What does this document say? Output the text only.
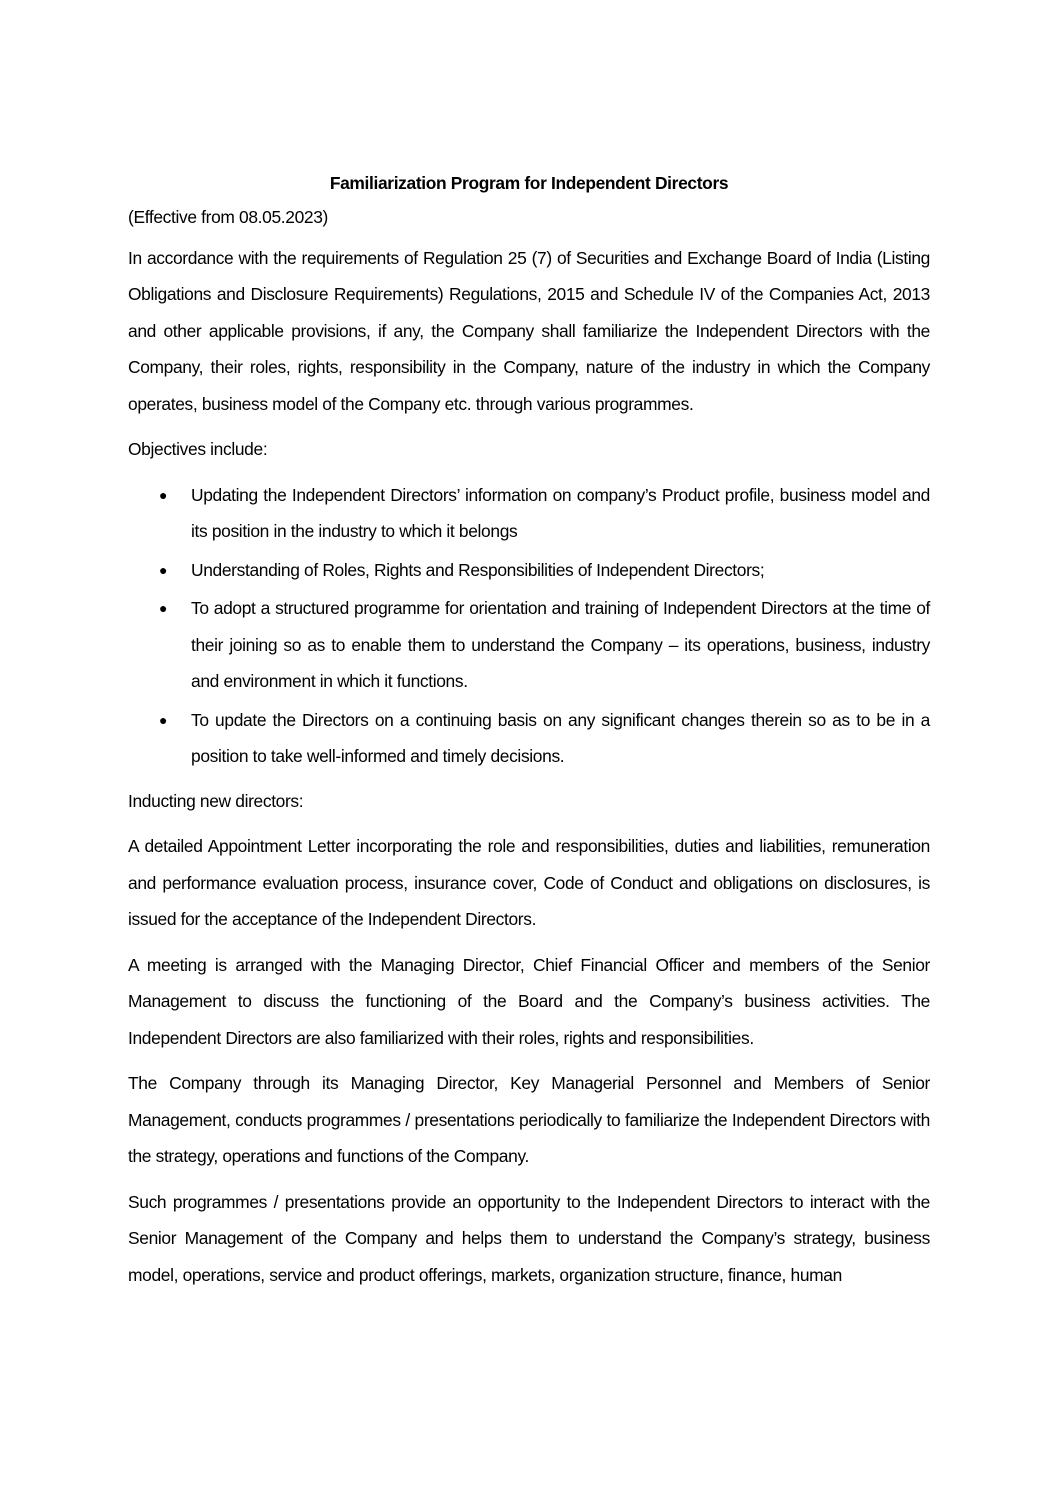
Familiarization Program for Independent Directors

(Effective from 08.05.2023)

In accordance with the requirements of Regulation 25 (7) of Securities and Exchange Board of India (Listing Obligations and Disclosure Requirements) Regulations, 2015 and Schedule IV of the Companies Act, 2013 and other applicable provisions, if any, the Company shall familiarize the Independent Directors with the Company, their roles, rights, responsibility in the Company, nature of the industry in which the Company operates, business model of the Company etc. through various programmes.

Objectives include:

● Updating the Independent Directors’ information on company’s Product profile, business model and its position in the industry to which it belongs
● Understanding of Roles, Rights and Responsibilities of Independent Directors;
● To adopt a structured programme for orientation and training of Independent Directors at the time of their joining so as to enable them to understand the Company – its operations, business, industry and environment in which it functions.
● To update the Directors on a continuing basis on any significant changes therein so as to be in a position to take well-informed and timely decisions.

Inducting new directors:

A detailed Appointment Letter incorporating the role and responsibilities, duties and liabilities, remuneration and performance evaluation process, insurance cover, Code of Conduct and obligations on disclosures, is issued for the acceptance of the Independent Directors.

A meeting is arranged with the Managing Director, Chief Financial Officer and members of the Senior Management to discuss the functioning of the Board and the Company’s business activities. The Independent Directors are also familiarized with their roles, rights and responsibilities.

The Company through its Managing Director, Key Managerial Personnel and Members of Senior Management, conducts programmes / presentations periodically to familiarize the Independent Directors with the strategy, operations and functions of the Company.

Such programmes / presentations provide an opportunity to the Independent Directors to interact with the Senior Management of the Company and helps them to understand the Company’s strategy, business model, operations, service and product offerings, markets, organization structure, finance, human
